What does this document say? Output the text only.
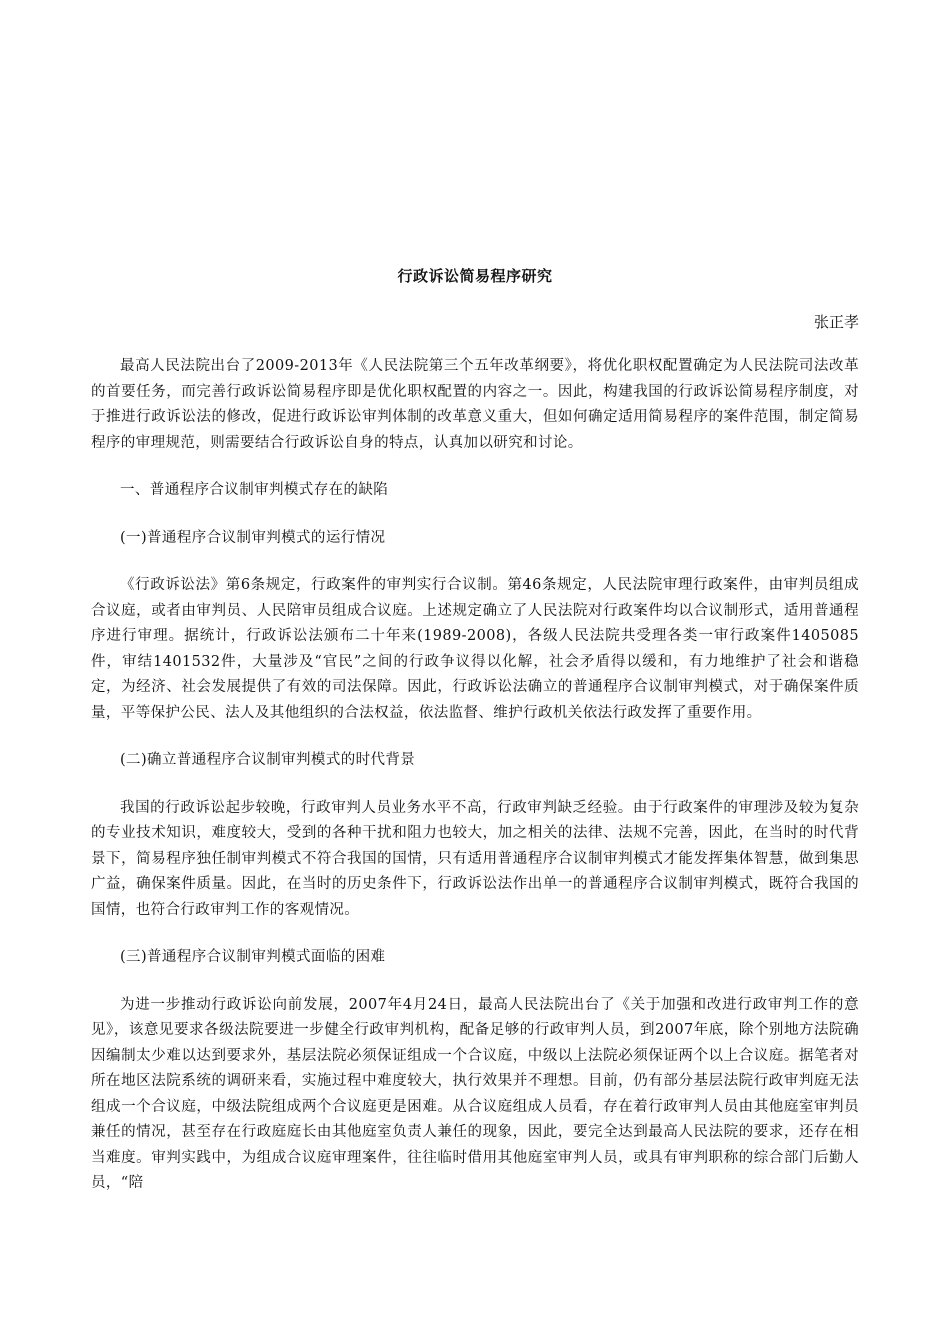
行政诉讼简易程序研究
张正孝

最高人民法院出台了2009-2013年《人民法院第三个五年改革纲要》，将优化职权配置确定为人民法院司法改革的首要任务，而完善行政诉讼简易程序即是优化职权配置的内容之一。因此，构建我国的行政诉讼简易程序制度，对于推进行政诉讼法的修改，促进行政诉讼审判体制的改革意义重大，但如何确定适用简易程序的案件范围，制定简易程序的审理规范，则需要结合行政诉讼自身的特点，认真加以研究和讨论。

一、普通程序合议制审判模式存在的缺陷

(一)普通程序合议制审判模式的运行情况

《行政诉讼法》第6条规定，行政案件的审判实行合议制。第46条规定，人民法院审理行政案件，由审判员组成合议庭，或者由审判员、人民陪审员组成合议庭。上述规定确立了人民法院对行政案件均以合议制形式，适用普通程序进行审理。据统计，行政诉讼法颁布二十年来(1989-2008)，各级人民法院共受理各类一审行政案件1405085件，审结1401532件，大量涉及“官民”之间的行政争议得以化解，社会矛盾得以缓和，有力地维护了社会和谐稳定，为经济、社会发展提供了有效的司法保障。因此，行政诉讼法确立的普通程序合议制审判模式，对于确保案件质量，平等保护公民、法人及其他组织的合法权益，依法监督、维护行政机关依法行政发挥了重要作用。

(二)确立普通程序合议制审判模式的时代背景

我国的行政诉讼起步较晚，行政审判人员业务水平不高，行政审判缺乏经验。由于行政案件的审理涉及较为复杂的专业技术知识，难度较大，受到的各种干扰和阻力也较大，加之相关的法律、法规不完善，因此，在当时的时代背景下，简易程序独任制审判模式不符合我国的国情，只有适用普通程序合议制审判模式才能发挥集体智慧，做到集思广益，确保案件质量。因此，在当时的历史条件下，行政诉讼法作出单一的普通程序合议制审判模式，既符合我国的国情，也符合行政审判工作的客观情况。

(三)普通程序合议制审判模式面临的困难

为进一步推动行政诉讼向前发展，2007年4月24日，最高人民法院出台了《关于加强和改进行政审判工作的意见》，该意见要求各级法院要进一步健全行政审判机构，配备足够的行政审判人员，到2007年底，除个别地方法院确因编制太少难以达到要求外，基层法院必须保证组成一个合议庭，中级以上法院必须保证两个以上合议庭。据笔者对所在地区法院系统的调研来看，实施过程中难度较大，执行效果并不理想。目前，仍有部分基层法院行政审判庭无法组成一个合议庭，中级法院组成两个合议庭更是困难。从合议庭组成人员看，存在着行政审判人员由其他庭室审判员兼任的情况，甚至存在行政庭庭长由其他庭室负责人兼任的现象，因此，要完全达到最高人民法院的要求，还存在相当难度。审判实践中，为组成合议庭审理案件，往往临时借用其他庭室审判人员，或具有审判职称的综合部门后勤人员，“陪
